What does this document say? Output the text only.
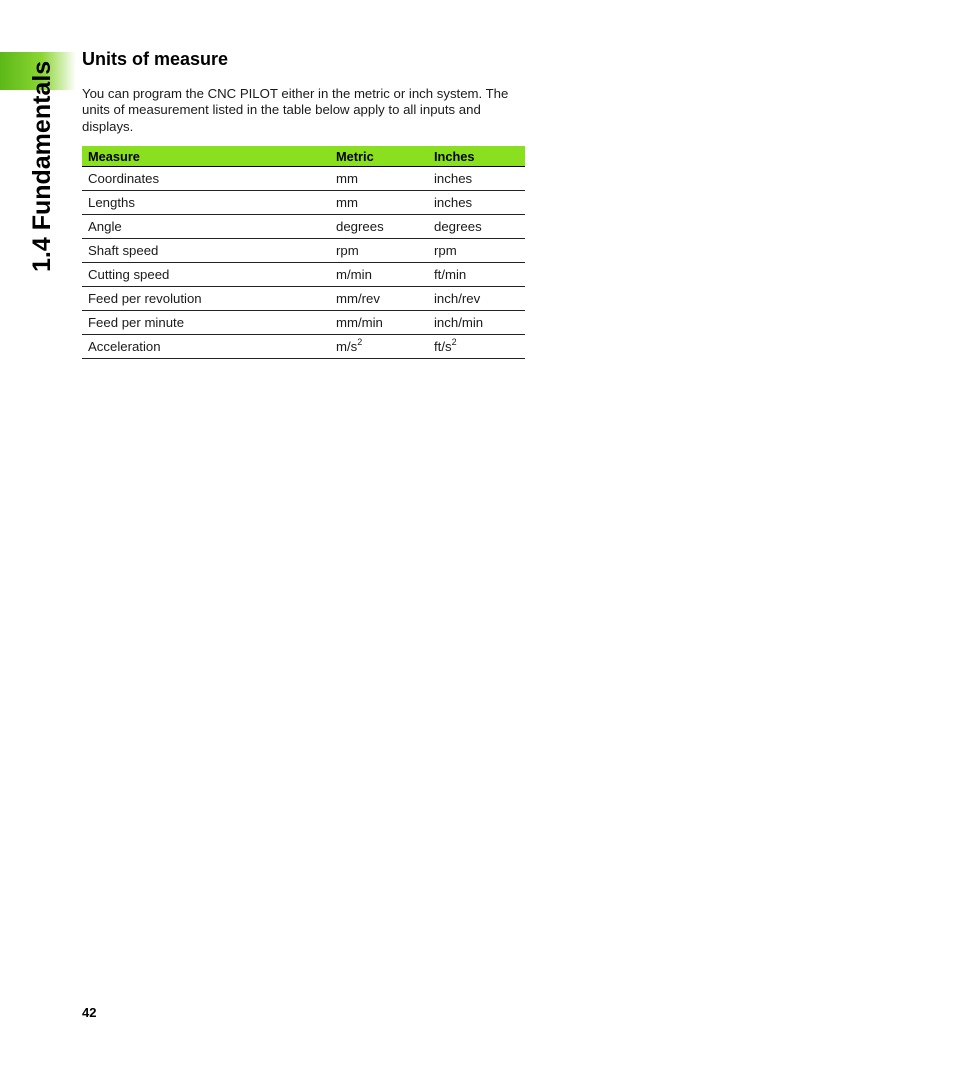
1.4 Fundamentals
Units of measure

You can program the CNC PILOT either in the metric or inch system. The units of measurement listed in the table below apply to all inputs and displays.

Measure	Metric	Inches
Coordinates	mm	inches
Lengths	mm	inches
Angle	degrees	degrees
Shaft speed	rpm	rpm
Cutting speed	m/min	ft/min
Feed per revolution	mm/rev	inch/rev
Feed per minute	mm/min	inch/min
Acceleration	$m/s^2$	$ft/s^2$
42
